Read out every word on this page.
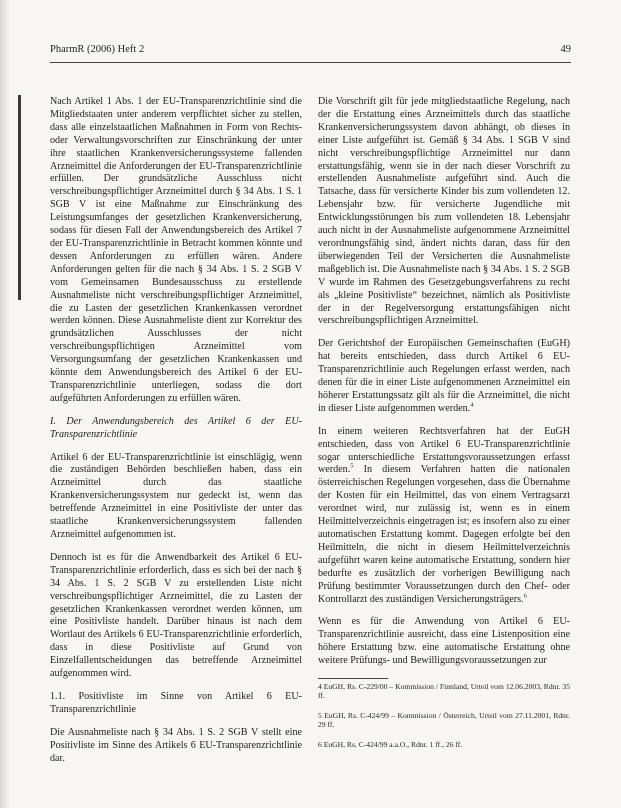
PharmR (2006) Heft 2	49

Nach Artikel 1 Abs. 1 der EU-Transparenzrichtlinie sind die Mitgliedstaaten unter anderem verpflichtet sicher zu stellen, dass alle einzelstaatlichen Maßnahmen in Form von Rechts- oder Verwaltungsvorschriften zur Einschränkung der unter ihre staatlichen Krankenversicherungssysteme fallenden Arzneimittel die Anforderungen der EU-Transparenzrichtlinie erfüllen. Der grundsätzliche Ausschluss nicht verschreibungspflichtiger Arzneimittel durch § 34 Abs. 1 S. 1 SGB V ist eine Maßnahme zur Einschränkung des Leistungsumfanges der gesetzlichen Krankenversicherung, sodass für diesen Fall der Anwendungsbereich des Artikel 7 der EU-Transparenzrichtlinie in Betracht kommen könnte und dessen Anforderungen zu erfüllen wären. Andere Anforderungen gelten für die nach § 34 Abs. 1 S. 2 SGB V vom Gemeinsamen Bundesausschuss zu erstellende Ausnahmeliste nicht verschreibungspflichtiger Arzneimittel, die zu Lasten der gesetzlichen Krankenkassen verordnet werden können. Diese Ausnahmeliste dient zur Korrektur des grundsätzlichen Ausschlusses der nicht verschreibungspflichtigen Arzneimittel vom Versorgungsumfang der gesetzlichen Krankenkassen und könnte dem Anwendungsbereich des Artikel 6 der EU-Transparenzrichtlinie unterliegen, sodass die dort aufgeführten Anforderungen zu erfüllen wären.

I. Der Anwendungsbereich des Artikel 6 der EU-Transparenzrichtlinie

Artikel 6 der EU-Transparenzrichtlinie ist einschlägig, wenn die zuständigen Behörden beschließen haben, dass ein Arzneimittel durch das staatliche Krankenversicherungssystem nur gedeckt ist, wenn das betreffende Arzneimittel in eine Positivliste der unter das staatliche Krankenversicherungssystem fallenden Arzneimittel aufgenommen ist.

Dennoch ist es für die Anwendbarkeit des Artikel 6 EU-Transparenzrichtlinie erforderlich, dass es sich bei der nach § 34 Abs. 1 S. 2 SGB V zu erstellenden Liste nicht verschreibungspflichtiger Arzneimittel, die zu Lasten der gesetzlichen Krankenkassen verordnet werden können, um eine Positivliste handelt. Darüber hinaus ist nach dem Wortlaut des Artikels 6 EU-Transparenzrichtlinie erforderlich, dass in diese Positivliste auf Grund von Einzelfallentscheidungen das betreffende Arzneimittel aufgenommen wird.

1.1. Positivliste im Sinne von Artikel 6 EU-Transparenzrichtlinie

Die Ausnahmeliste nach § 34 Abs. 1 S. 2 SGB V stellt eine Positivliste im Sinne des Artikels 6 EU-Transparenzrichtlinie dar.

Die Vorschrift gilt für jede mitgliedstaatliche Regelung, nach der die Erstattung eines Arzneimittels durch das staatliche Krankenversicherungssystem davon abhängt, ob dieses in einer Liste aufgeführt ist. Gemäß § 34 Abs. 1 SGB V sind nicht verschreibungspflichtige Arzneimittel nur dann erstattungsfähig, wenn sie in der nach dieser Vorschrift zu erstellenden Ausnahmeliste aufgeführt sind. Auch die Tatsache, dass für versicherte Kinder bis zum vollendeten 12. Lebensjahr bzw. für versicherte Jugendliche mit Entwicklungsstörungen bis zum vollendeten 18. Lebensjahr auch nicht in der Ausnahmeliste aufgenommene Arzneimittel verordnungsfähig sind, ändert nichts daran, dass für den überwiegenden Teil der Versicherten die Ausnahmeliste maßgeblich ist. Die Ausnahmeliste nach § 34 Abs. 1 S. 2 SGB V wurde im Rahmen des Gesetzgebungsverfahrens zu recht als „kleine Positivliste“ bezeichnet, nämlich als Positivliste der in der Regelversorgung erstattungsfähigen nicht verschreibungspflichtigen Arzneimittel.

Der Gerichtshof der Europäischen Gemeinschaften (EuGH) hat bereits entschieden, dass durch Artikel 6 EU-Transparenzrichtlinie auch Regelungen erfasst werden, nach denen für die in einer Liste aufgenommenen Arzneimittel ein höherer Erstattungssatz gilt als für die Arzneimittel, die nicht in dieser Liste aufgenommen werden.$^4$

In einem weiteren Rechtsverfahren hat der EuGH entschieden, dass von Artikel 6 EU-Transparenzrichtlinie sogar unterschiedliche Erstattungsvoraussetzungen erfasst werden.$^5$ In diesem Verfahren hatten die nationalen österreichischen Regelungen vorgesehen, dass die Übernahme der Kosten für ein Heilmittel, das von einem Vertragsarzt verordnet wird, nur zulässig ist, wenn es in einem Heilmittelverzeichnis eingetragen ist; es insofern also zu einer automatischen Erstattung kommt. Dagegen erfolgte bei den Heilmitteln, die nicht in diesem Heilmittelverzeichnis aufgeführt waren keine automatische Erstattung, sondern hier bedurfte es zusätzlich der vorherigen Bewilligung nach Prüfung bestimmter Voraussetzungen durch den Chef- oder Kontrollarzt des zuständigen Versicherungsträgers.$^6$

Wenn es für die Anwendung von Artikel 6 EU-Transparenzrichtlinie ausreicht, dass eine Listenposition eine höhere Erstattung bzw. eine automatische Erstattung ohne weitere Prüfungs- und Bewilligungsvoraussetzungen zur

4 EuGH, Rs. C-229/00 – Kommission / Finnland, Urteil vom 12.06.2003, Rdnr. 35 ff.

5 EuGH, Rs. C-424/99 – Kommission / Österreich, Urteil vom 27.11.2001, Rdnr. 29 ff.

6 EuGH, Rs. C-424/99 a.a.O., Rdnr. 1 ff., 26 ff.
